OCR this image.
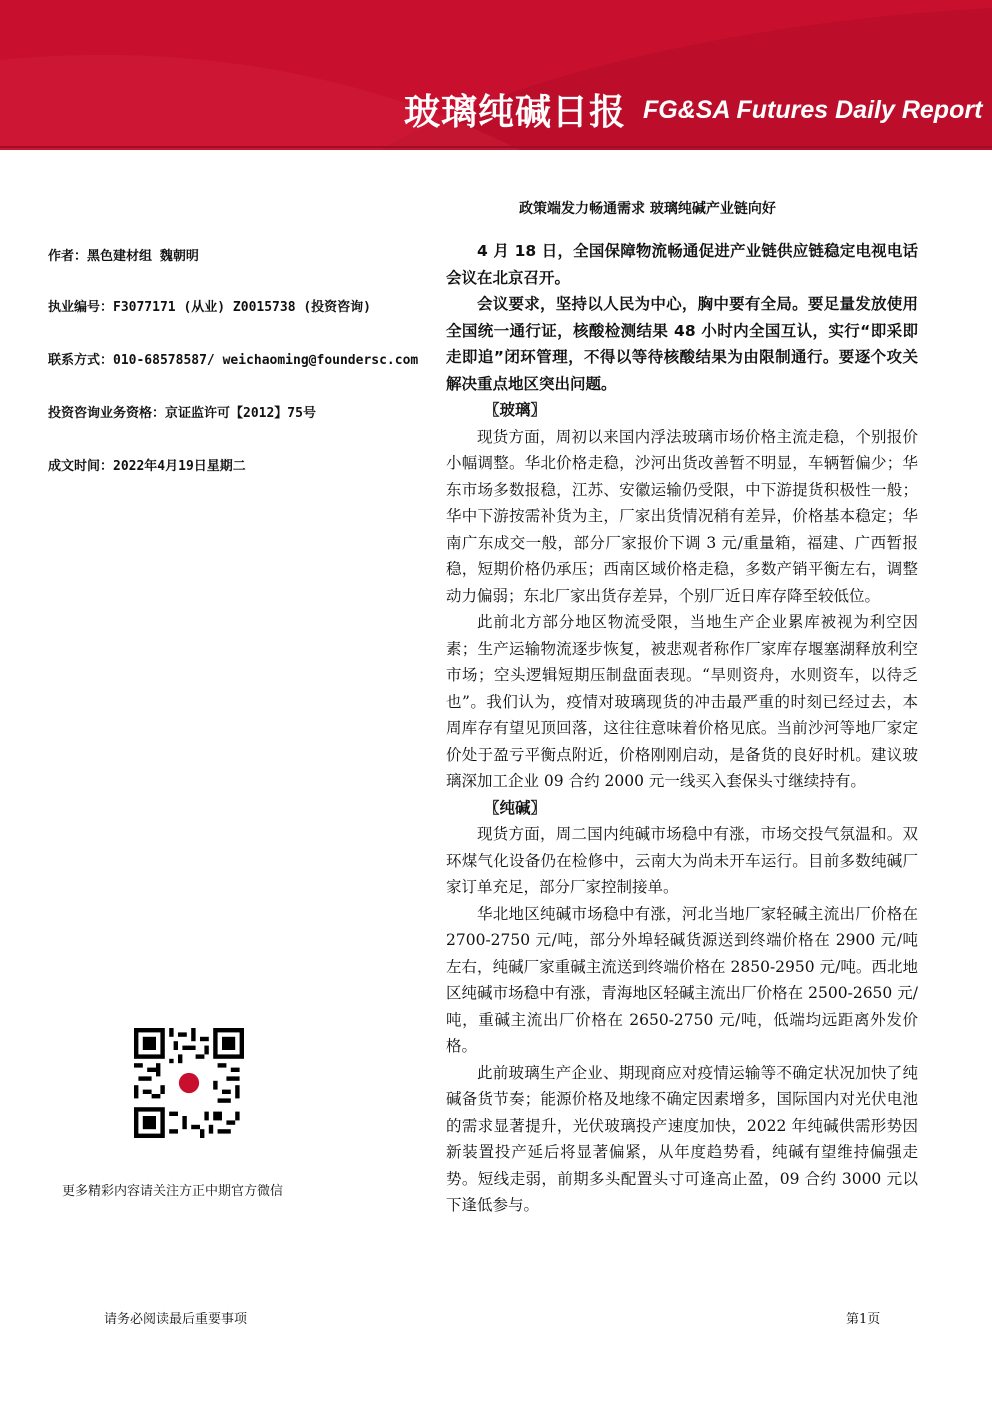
玻璃纯碱日报 FG&SA Futures Daily Report
政策端发力畅通需求 玻璃纯碱产业链向好
作者：黑色建材组 魏朝明
执业编号：F3077171 (从业) Z0015738 (投资咨询)
联系方式：010-68578587/ weichaoming@foundersc.com
投资咨询业务资格：京证监许可【2012】75号
成文时间：2022年4月19日星期二

4 月 18 日，全国保障物流畅通促进产业链供应链稳定电视电话会议在北京召开。

会议要求，坚持以人民为中心，胸中要有全局。要足量发放使用全国统一通行证，核酸检测结果 48 小时内全国互认，实行“即采即走即追”闭环管理，不得以等待核酸结果为由限制通行。要逐个攻关解决重点地区突出问题。

〖玻璃〗

现货方面，周初以来国内浮法玻璃市场价格主流走稳，个别报价小幅调整。华北价格走稳，沙河出货改善暂不明显，车辆暂偏少；华东市场多数报稳，江苏、安徽运输仍受限，中下游提货积极性一般；华中下游按需补货为主，厂家出货情况稍有差异，价格基本稳定；华南广东成交一般，部分厂家报价下调 3 元/重量箱，福建、广西暂报稳，短期价格仍承压；西南区域价格走稳，多数产销平衡左右，调整动力偏弱；东北厂家出货存差异，个别厂近日库存降至较低位。

此前北方部分地区物流受限，当地生产企业累库被视为利空因素；生产运输物流逐步恢复，被悲观者称作厂家库存堰塞湖释放利空市场；空头逻辑短期压制盘面表现。“旱则资舟，水则资车，以待乏也”。我们认为，疫情对玻璃现货的冲击最严重的时刻已经过去，本周库存有望见顶回落，这往往意味着价格见底。当前沙河等地厂家定价处于盈亏平衡点附近，价格刚刚启动，是备货的良好时机。建议玻璃深加工企业 09 合约 2000 元一线买入套保头寸继续持有。

〖纯碱〗

现货方面，周二国内纯碱市场稳中有涨，市场交投气氛温和。双环煤气化设备仍在检修中，云南大为尚未开车运行。目前多数纯碱厂家订单充足，部分厂家控制接单。

华北地区纯碱市场稳中有涨，河北当地厂家轻碱主流出厂价格在 2700-2750 元/吨，部分外埠轻碱货源送到终端价格在 2900 元/吨左右，纯碱厂家重碱主流送到终端价格在 2850-2950 元/吨。西北地区纯碱市场稳中有涨，青海地区轻碱主流出厂价格在 2500-2650 元/吨，重碱主流出厂价格在 2650-2750 元/吨，低端均远距离外发价格。

此前玻璃生产企业、期现商应对疫情运输等不确定状况加快了纯碱备货节奏；能源价格及地缘不确定因素增多，国际国内对光伏电池的需求显著提升，光伏玻璃投产速度加快，2022 年纯碱供需形势因新装置投产延后将显著偏紧，从年度趋势看，纯碱有望维持偏强走势。短线走弱，前期多头配置头寸可逢高止盈，09 合约 3000 元以下逢低参与。

更多精彩内容请关注方正中期官方微信
请务必阅读最后重要事项	第1页
